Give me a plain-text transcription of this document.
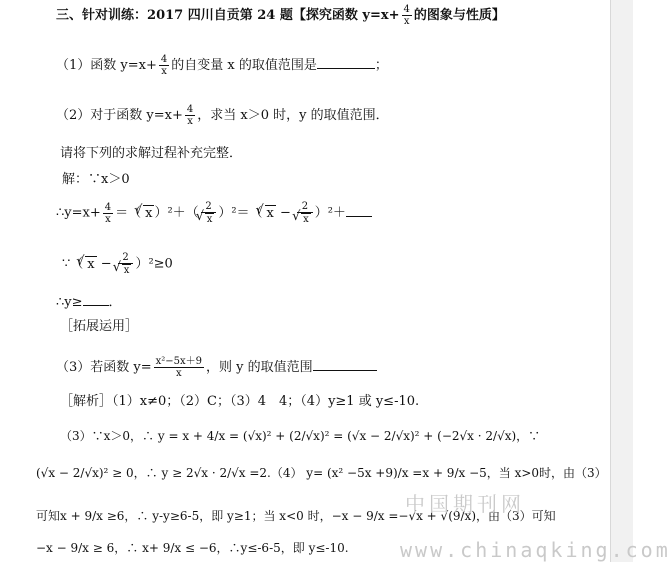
三、针对训练：2017 四川自贡第 24 题【探究函数 $y=x+ \frac{4}{x}$ 的图象与性质】
（1）函数 $y=x+ \frac{4}{x}$ 的自变量 x 的取值范围是	；
（2）对于函数 $y=x+ \frac{4}{x}$ ，求当 x＞0 时，y 的取值范围．
请将下列的求解过程补充完整．
解：∵x＞0
∴y=x+ $\frac{4}{x}$ ＝（ √ x ）²＋（ 2
√ x ）²＝（ √ x − 2
√ x ）²＋
∵（ √ x − 2
√ x ）²≥0
∴y≥ ．
［拓展运用］
（3）若函数 $y= \frac{\text{x²−5x＋9}}{x}$ ，则 y 的取值范围
［解析］（1）x≠0；（2）C；（3）4　4；（4）y≥1 或 y≤-10.
（3）∵x＞0，∴ y = x + 4/x = (√x)² + (2/√x)² = (√x − 2/√x)² + (−2√x · 2/√x)，∵
(√x − 2/√x)² ≥ 0，∴ y ≥ 2√x · 2/√x =2.（4） y= (x² −5x +9)/x =x + 9/x −5，当 x>0时，由（3）
可知x + 9/x ≥6，∴ y-y≥6-5，即 y≥1；当 x<0 时，−x − 9/x =−√x + √(9/x)，由（3）可知
−x − 9/x ≥ 6，∴ x+ 9/x ≤ −6，∴y≤-6-5，即 y≤-10.
中国期刊网
www.chinaqking.com
